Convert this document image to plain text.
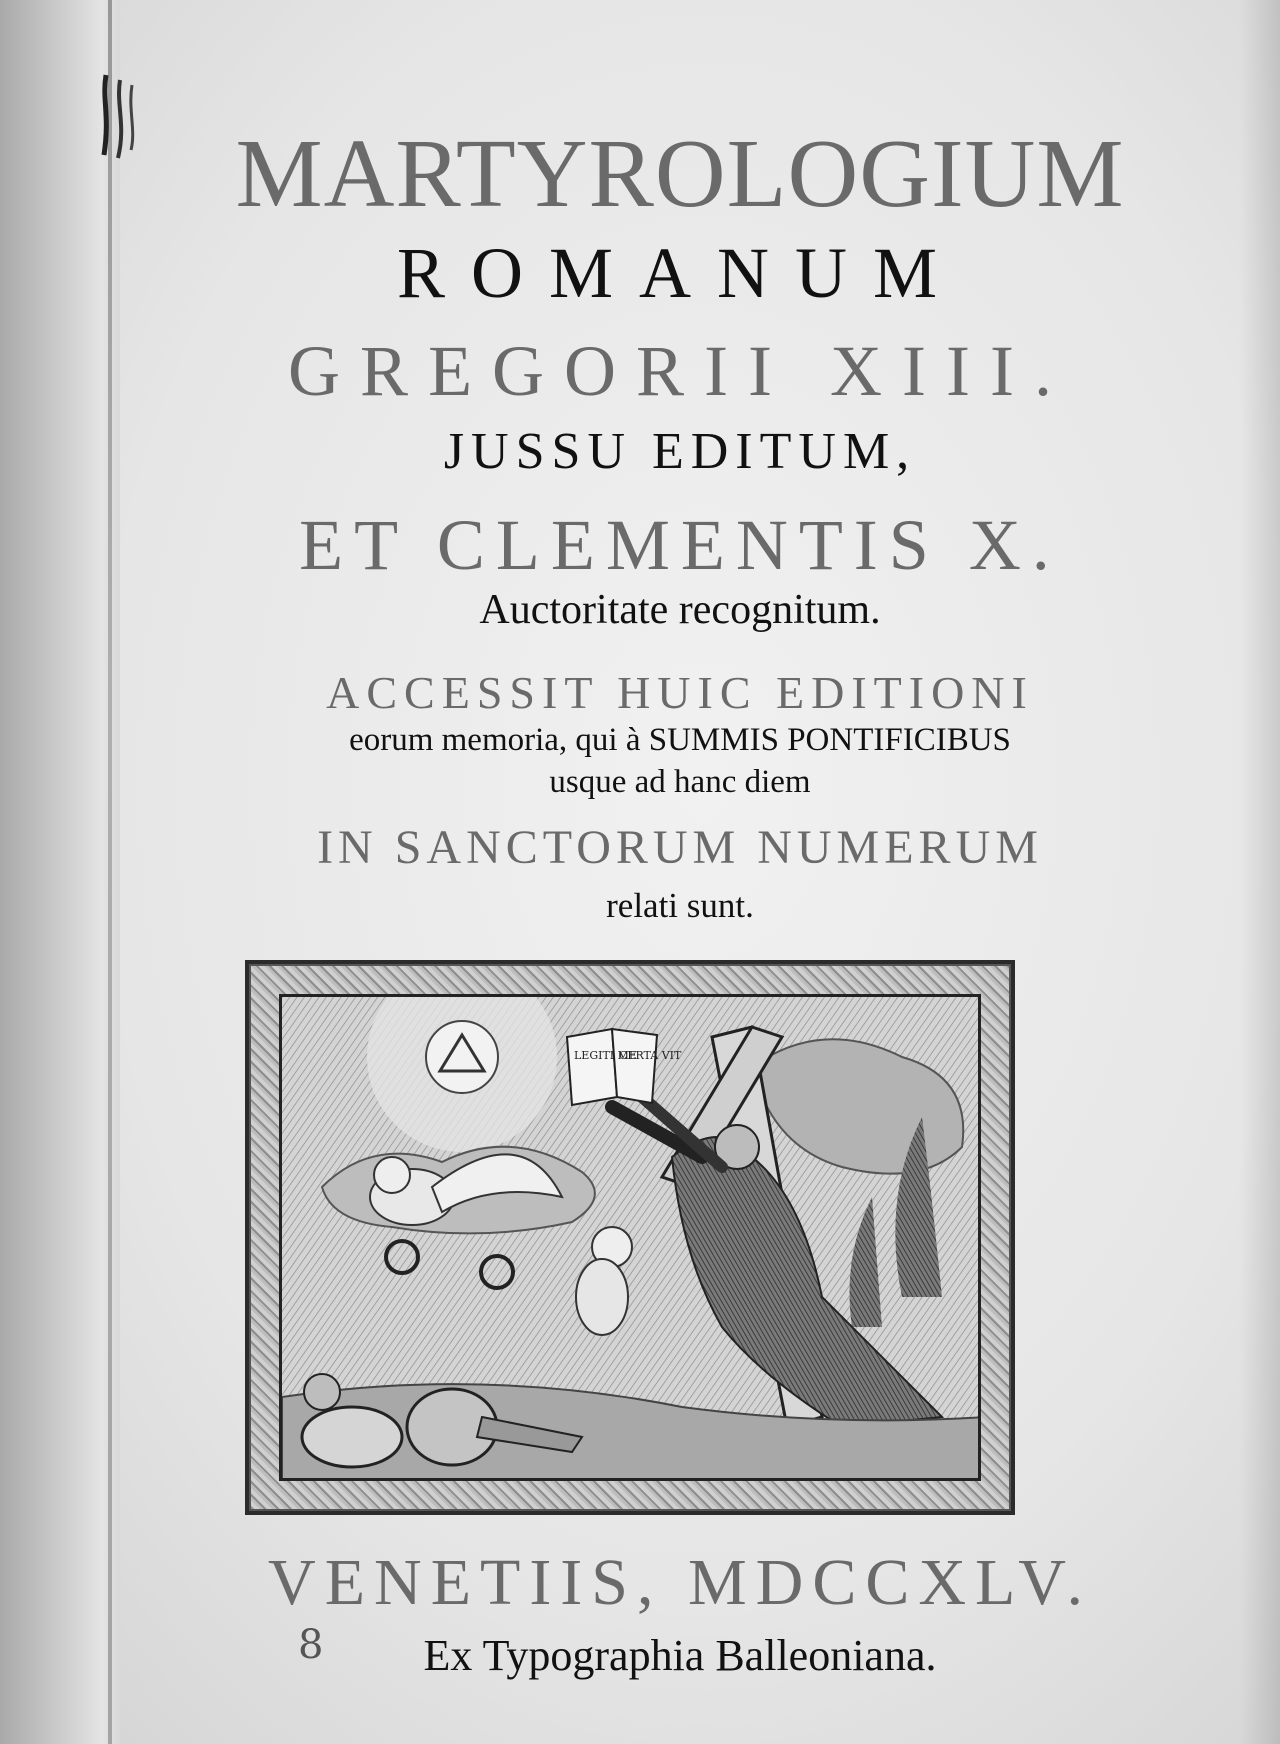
MARTYROLOGIUM
ROMANUM
GREGORII XIII.
JUSSU EDITUM,
ET CLEMENTIS X.
Auctoritate recognitum.
ACCESSIT HUIC EDITIONI
eorum memoria, qui à SUMMIS PONTIFICIBUS
usque ad hanc diem
IN SANCTORUM NUMERUM
relati sunt.
LEGITI ME
CERTA VIT
VENETIIS, MDCCXLV.
8	Ex Typographia Balleoniana.
